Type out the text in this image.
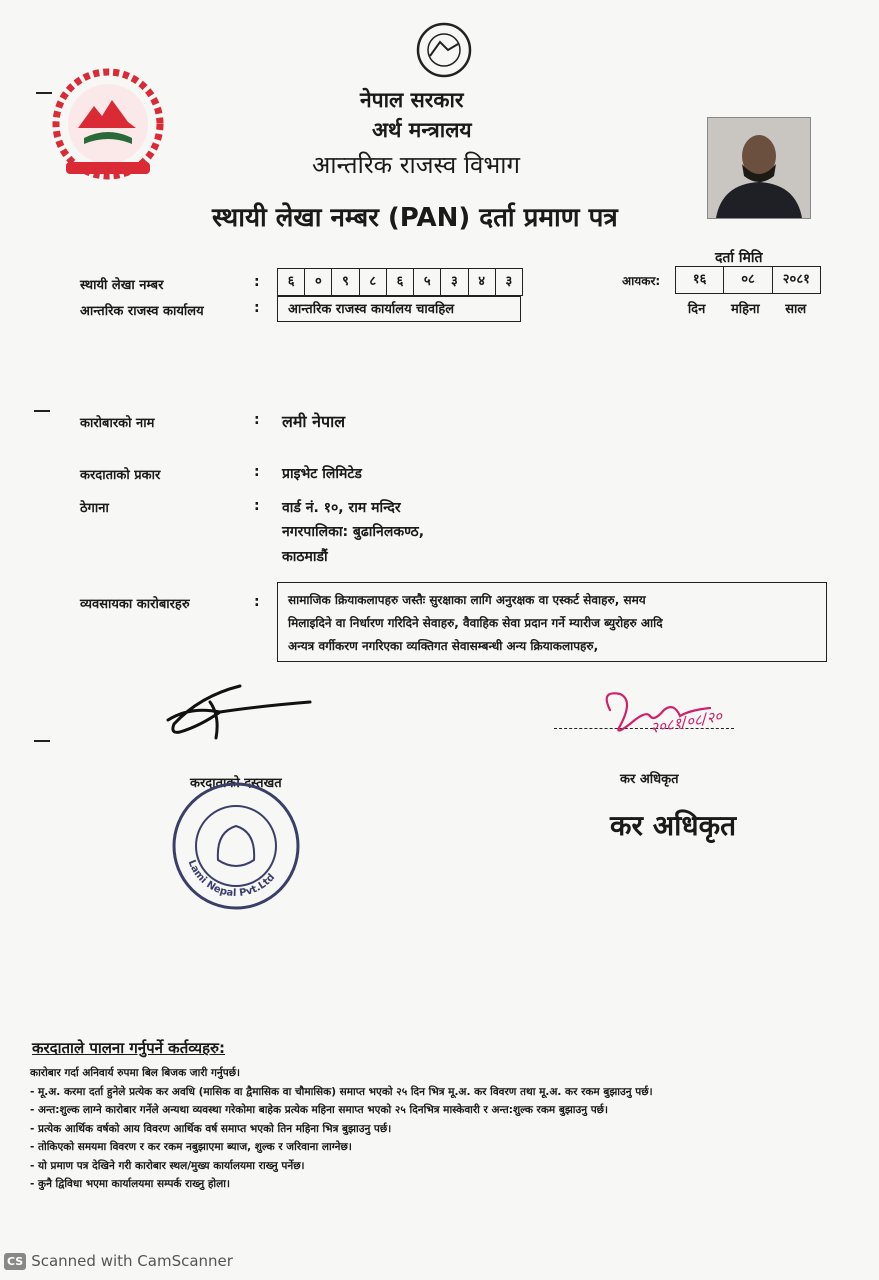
नेपाल सरकार
अर्थ मन्त्रालय
आन्तरिक राजस्व विभाग
स्थायी लेखा नम्बर (PAN) दर्ता प्रमाण पत्र
स्थायी लेखा नम्बर	:	६	०	९	८	६	५	३	४	३
आन्तरिक राजस्व कार्यालय	:	आन्तरिक राजस्व कार्यालय चावहिल
दर्ता मिति
आयकर:	१६	०८	२०८१
दिन महिना साल
कारोबारको नाम	: लमी नेपाल
करदाताको प्रकार	: प्राइभेट लिमिटेड
ठेगाना	: वार्ड नं. १०, राम मन्दिर
नगरपालिका: बुढानिलकण्ठ,
काठमाडौं
व्यवसायका कारोबारहरु	: सामाजिक क्रियाकलापहरु जस्तैः सुरक्षाका लागि अनुरक्षक वा एस्कर्ट सेवाहरु, समय
मिलाइदिने वा निर्धारण गरिदिने सेवाहरु, वैवाहिक सेवा प्रदान गर्ने म्यारीज ब्युरोहरु आदि
अन्यत्र वर्गीकरण नगरिएका व्यक्तिगत सेवासम्बन्धी अन्य क्रियाकलापहरु,
करदाताको दस्तखत
२०८१/०८/२०
कर अधिकृत
कर अधिकृत
Lami Nepal Pvt.Ltd
करदाताले पालना गर्नुपर्ने कर्तव्यहरु:
कारोबार गर्दा अनिवार्य रुपमा बिल बिजक जारी गर्नुपर्छ।
- मू.अ. करमा दर्ता हुनेले प्रत्येक कर अवधि (मासिक वा द्वैमासिक वा चौमासिक) समाप्त भएको २५ दिन भित्र मू.अ. कर विवरण तथा मू.अ. कर रकम बुझाउनु पर्छ।
- अन्त:शुल्क लाग्ने कारोबार गर्नेले अन्यथा व्यवस्था गरेकोमा बाहेक प्रत्येक महिना समाप्त भएको २५ दिनभित्र मास्केवारी र अन्त:शुल्क रकम बुझाउनु पर्छ।
- प्रत्येक आर्थिक वर्षको आय विवरण आर्थिक वर्ष समाप्त भएको तिन महिना भित्र बुझाउनु पर्छ।
- तोकिएको समयमा विवरण र कर रकम नबुझाएमा ब्याज, शुल्क र जरिवाना लाग्नेछ।
- यो प्रमाण पत्र देखिने गरी कारोबार स्थल/मुख्य कार्यालयमा राख्नु पर्नेछ।
- कुनै द्विविधा भएमा कार्यालयमा सम्पर्क राख्नु होला।
CS Scanned with CamScanner
